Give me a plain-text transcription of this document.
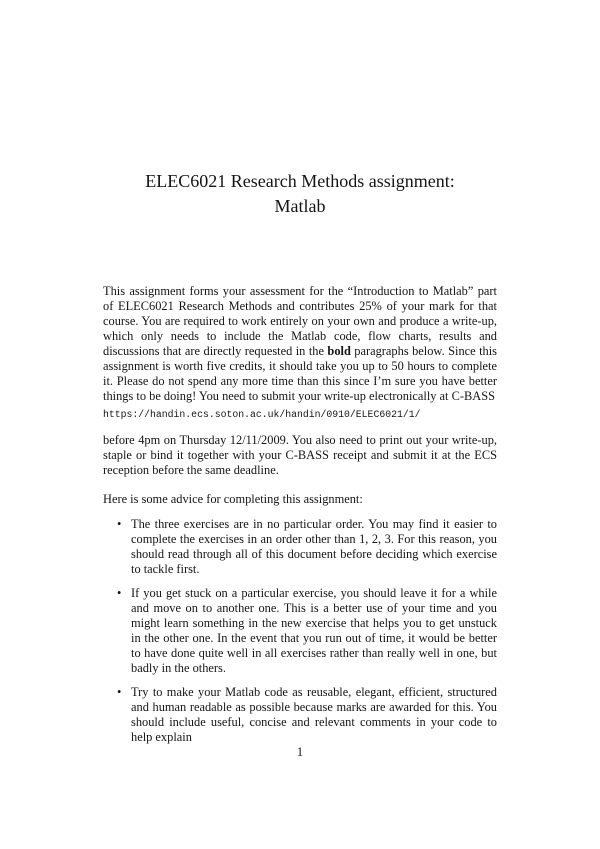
ELEC6021 Research Methods assignment:
Matlab

This assignment forms your assessment for the “Introduction to Matlab” part of ELEC6021 Research Methods and contributes 25% of your mark for that course. You are required to work entirely on your own and produce a write-up, which only needs to include the Matlab code, flow charts, results and discussions that are directly requested in the bold paragraphs below. Since this assignment is worth five credits, it should take you up to 50 hours to complete it. Please do not spend any more time than this since I’m sure you have better things to be doing! You need to submit your write-up electronically at C-BASS

https://handin.ecs.soton.ac.uk/handin/0910/ELEC6021/1/

before 4pm on Thursday 12/11/2009. You also need to print out your write-up, staple or bind it together with your C-BASS receipt and submit it at the ECS reception before the same deadline.

Here is some advice for completing this assignment:

• The three exercises are in no particular order. You may find it easier to complete the exercises in an order other than 1, 2, 3. For this reason, you should read through all of this document before deciding which exercise to tackle first.
• If you get stuck on a particular exercise, you should leave it for a while and move on to another one. This is a better use of your time and you might learn something in the new exercise that helps you to get unstuck in the other one. In the event that you run out of time, it would be better to have done quite well in all exercises rather than really well in one, but badly in the others.
• Try to make your Matlab code as reusable, elegant, efficient, structured and human readable as possible because marks are awarded for this. You should include useful, concise and relevant comments in your code to help explain
1
